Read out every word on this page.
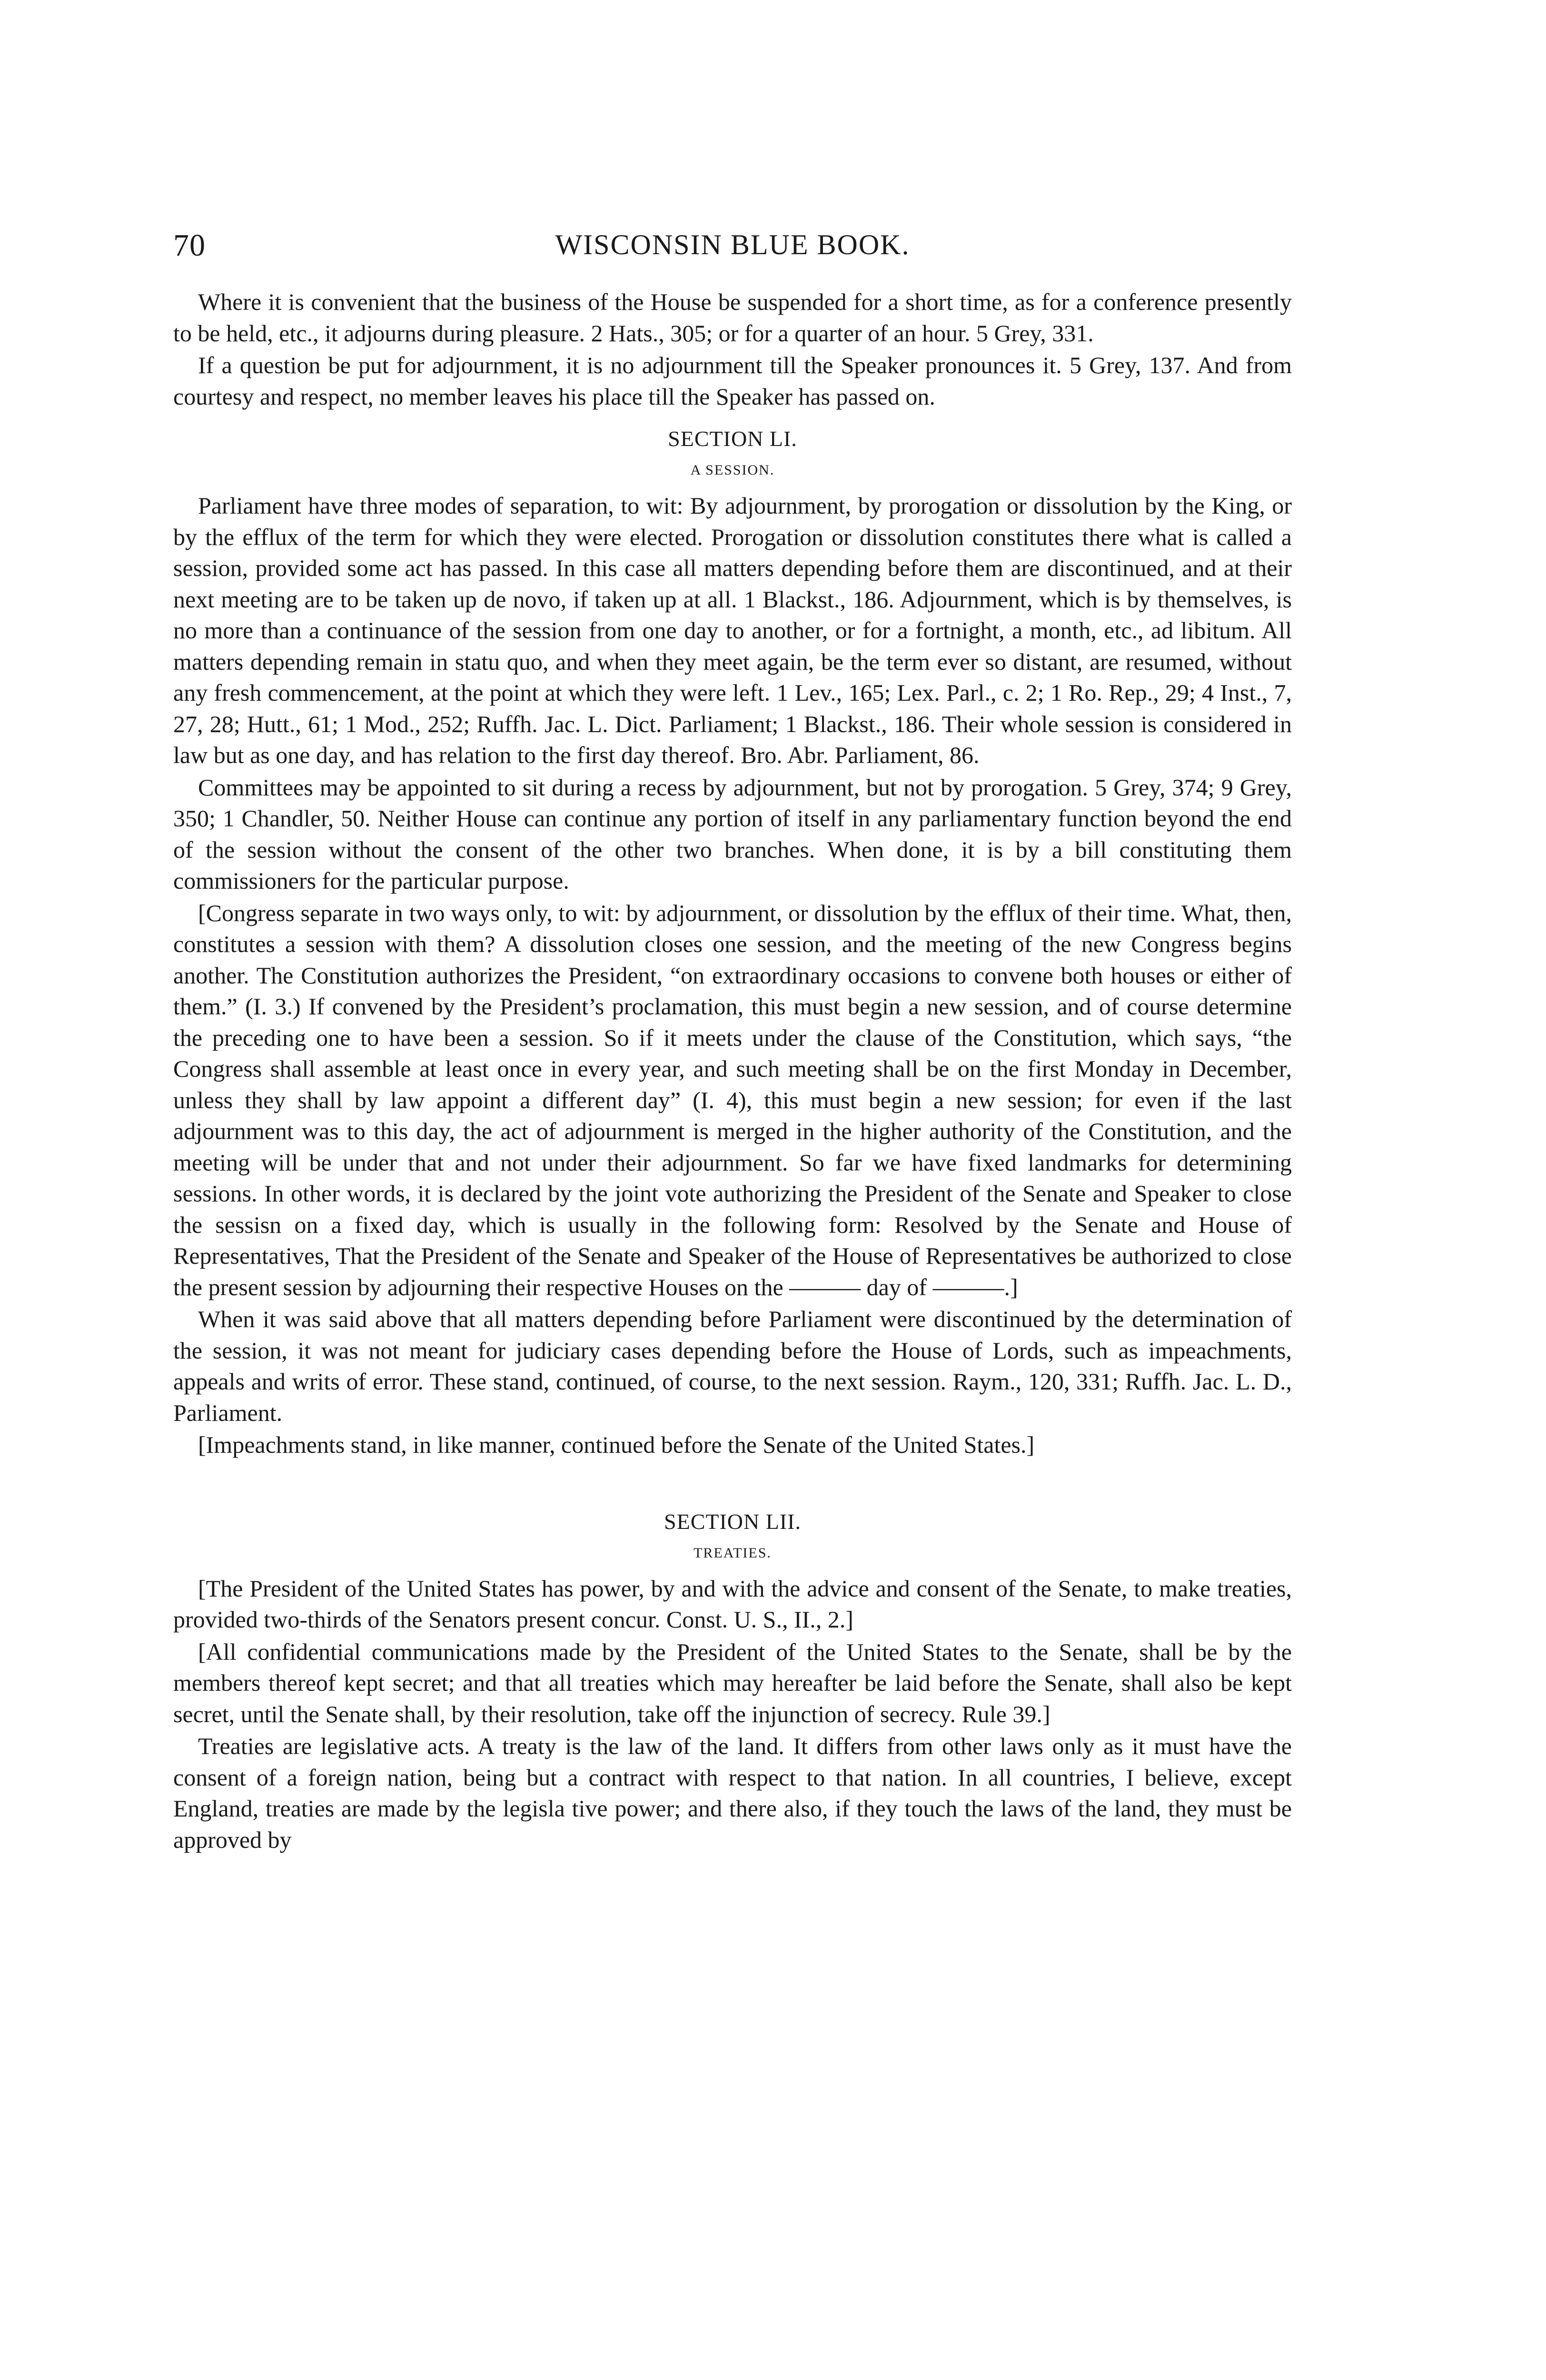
70	WISCONSIN BLUE BOOK.

Where it is convenient that the business of the House be suspended for a short time, as for a conference presently to be held, etc., it adjourns during pleasure. 2 Hats., 305; or for a quarter of an hour. 5 Grey, 331.

If a question be put for adjournment, it is no adjournment till the Speaker pronounces it. 5 Grey, 137. And from courtesy and respect, no member leaves his place till the Speaker has passed on.

SECTION LI.
A SESSION.

Parliament have three modes of separation, to wit: By adjournment, by prorogation or dissolution by the King, or by the efflux of the term for which they were elected. Prorogation or dissolution constitutes there what is called a session, provided some act has passed. In this case all matters depending before them are discontinued, and at their next meeting are to be taken up de novo, if taken up at all. 1 Blackst., 186. Adjournment, which is by themselves, is no more than a continuance of the session from one day to another, or for a fortnight, a month, etc., ad libitum. All matters depending remain in statu quo, and when they meet again, be the term ever so distant, are resumed, without any fresh commencement, at the point at which they were left. 1 Lev., 165; Lex. Parl., c. 2; 1 Ro. Rep., 29; 4 Inst., 7, 27, 28; Hutt., 61; 1 Mod., 252; Ruffh. Jac. L. Dict. Parliament; 1 Blackst., 186. Their whole session is considered in law but as one day, and has relation to the first day thereof. Bro. Abr. Parliament, 86.

Committees may be appointed to sit during a recess by adjournment, but not by prorogation. 5 Grey, 374; 9 Grey, 350; 1 Chandler, 50. Neither House can continue any portion of itself in any parliamentary function beyond the end of the session without the consent of the other two branches. When done, it is by a bill constituting them commissioners for the particular purpose.

[Congress separate in two ways only, to wit: by adjournment, or dissolution by the efflux of their time. What, then, constitutes a session with them? A dissolution closes one session, and the meeting of the new Congress begins another. The Constitution authorizes the President, “on extraordinary occasions to convene both houses or either of them.” (I. 3.) If convened by the President’s proclamation, this must begin a new session, and of course determine the preceding one to have been a session. So if it meets under the clause of the Constitution, which says, “the Congress shall assemble at least once in every year, and such meeting shall be on the first Monday in December, unless they shall by law appoint a different day” (I. 4), this must begin a new session; for even if the last adjournment was to this day, the act of adjournment is merged in the higher authority of the Constitution, and the meeting will be under that and not under their adjournment. So far we have fixed landmarks for determining sessions. In other words, it is declared by the joint vote authorizing the President of the Senate and Speaker to close the sessisn on a fixed day, which is usually in the following form: Resolved by the Senate and House of Representatives, That the President of the Senate and Speaker of the House of Representatives be authorized to close the present session by adjourning their respective Houses on the ——— day of ———.]

When it was said above that all matters depending before Parliament were discontinued by the determination of the session, it was not meant for judiciary cases depending before the House of Lords, such as impeachments, appeals and writs of error. These stand, continued, of course, to the next session. Raym., 120, 331; Ruffh. Jac. L. D., Parliament.

[Impeachments stand, in like manner, continued before the Senate of the United States.]

SECTION LII.
TREATIES.

[The President of the United States has power, by and with the advice and consent of the Senate, to make treaties, provided two-thirds of the Senators present concur. Const. U. S., II., 2.]

[All confidential communications made by the President of the United States to the Senate, shall be by the members thereof kept secret; and that all treaties which may hereafter be laid before the Senate, shall also be kept secret, until the Senate shall, by their resolution, take off the injunction of secrecy. Rule 39.]

Treaties are legislative acts. A treaty is the law of the land. It differs from other laws only as it must have the consent of a foreign nation, being but a contract with respect to that nation. In all countries, I believe, except England, treaties are made by the legisla tive power; and there also, if they touch the laws of the land, they must be approved by
